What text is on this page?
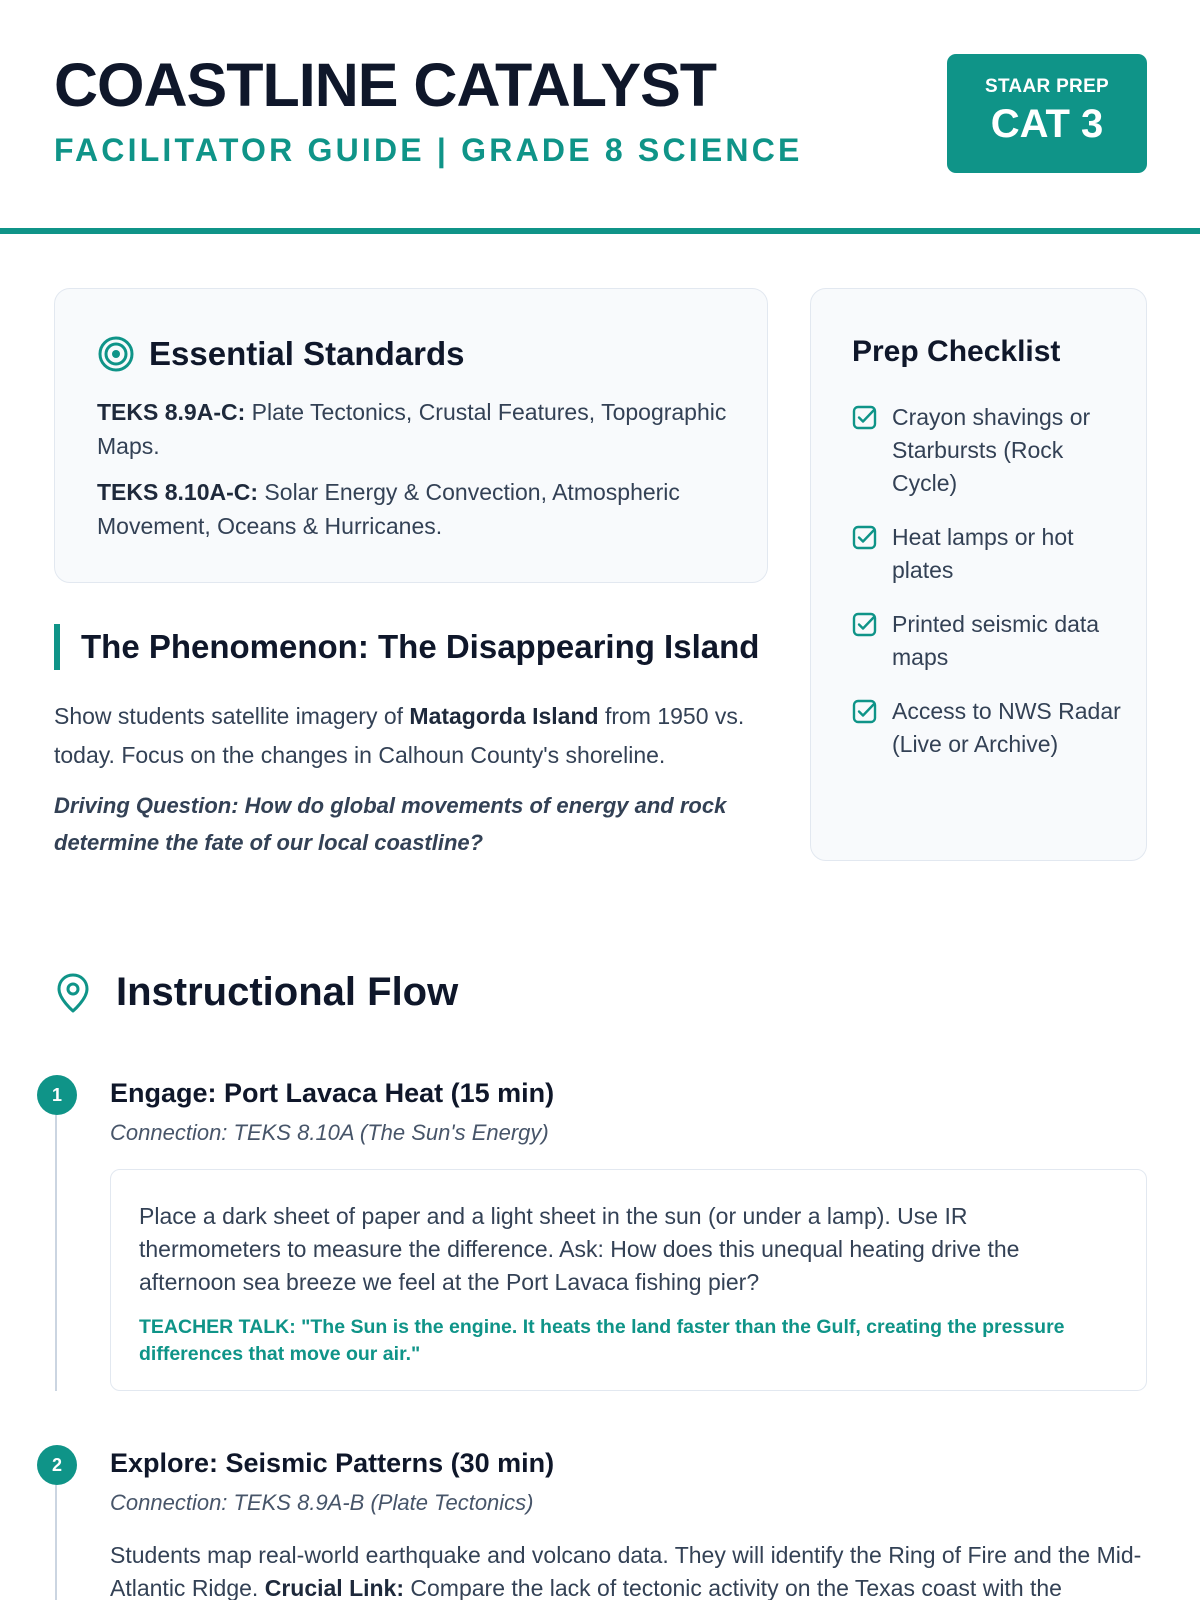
COASTLINE CATALYST
FACILITATOR GUIDE | GRADE 8 SCIENCE
STAAR PREP
CAT 3
Essential Standards

TEKS 8.9A-C: Plate Tectonics, Crustal Features, Topographic Maps.

TEKS 8.10A-C: Solar Energy & Convection, Atmospheric Movement, Oceans & Hurricanes.

Prep Checklist
Crayon shavings or Starbursts (Rock Cycle)
Heat lamps or hot plates
Printed seismic data maps
Access to NWS Radar (Live or Archive)
The Phenomenon: The Disappearing Island

Show students satellite imagery of Matagorda Island from 1950 vs. today. Focus on the changes in Calhoun County's shoreline.

Driving Question: How do global movements of energy and rock determine the fate of our local coastline?

Instructional Flow
1	Engage: Port Lavaca Heat (15 min)
Connection: TEKS 8.10A (The Sun's Energy)

Place a dark sheet of paper and a light sheet in the sun (or under a lamp). Use IR thermometers to measure the difference. Ask: How does this unequal heating drive the afternoon sea breeze we feel at the Port Lavaca fishing pier?

TEACHER TALK: "The Sun is the engine. It heats the land faster than the Gulf, creating the pressure differences that move our air."

2	Explore: Seismic Patterns (30 min)
Connection: TEKS 8.9A-B (Plate Tectonics)

Students map real-world earthquake and volcano data. They will identify the Ring of Fire and the Mid-Atlantic Ridge. Crucial Link: Compare the lack of tectonic activity on the Texas coast with the
